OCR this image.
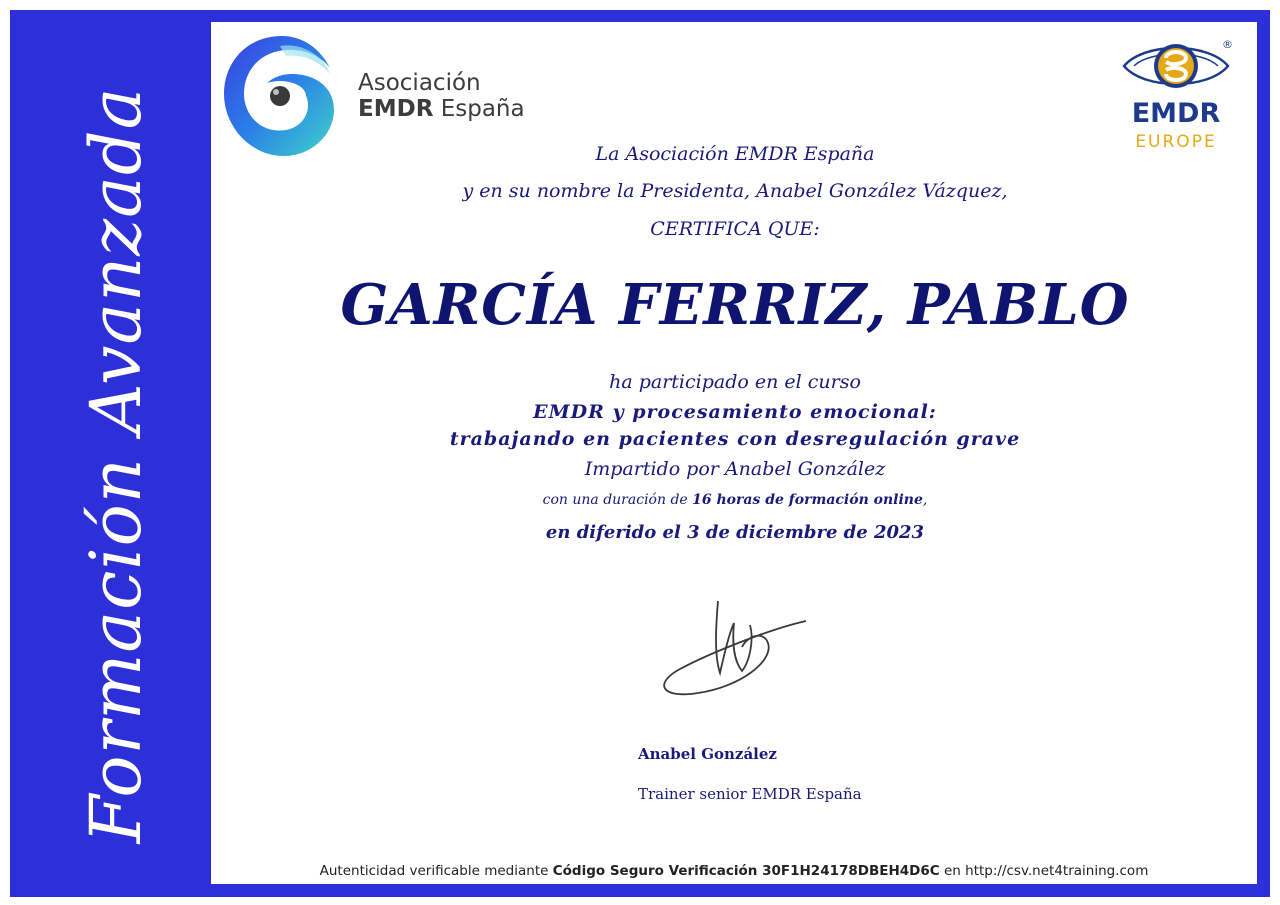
Formación Avanzada
Asociación
EMDR España
®
EMDR
EUROPE
La Asociación EMDR España
y en su nombre la Presidenta, Anabel González Vázquez,
CERTIFICA QUE:
GARCÍA FERRIZ, PABLO
ha participado en el curso
EMDR y procesamiento emocional:
trabajando en pacientes con desregulación grave
Impartido por Anabel González
con una duración de 16 horas de formación online,
en diferido el 3 de diciembre de 2023
Anabel González
Trainer senior EMDR España
Autenticidad verificable mediante Código Seguro Verificación 30F1H24178DBEH4D6C en http://csv.net4training.com
